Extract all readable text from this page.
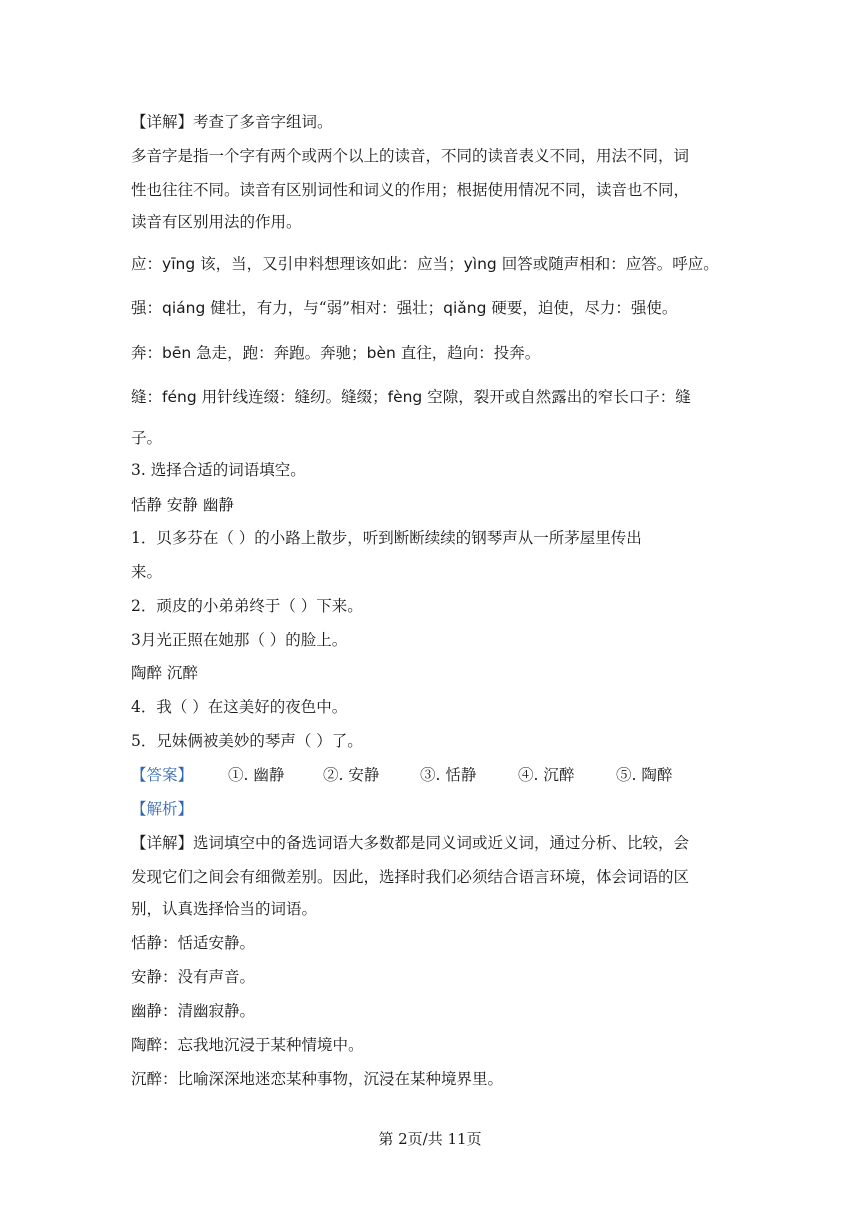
【详解】考查了多音字组词。
多音字是指一个字有两个或两个以上的读音，不同的读音表义不同，用法不同，词
性也往往不同。读音有区别词性和词义的作用；根据使用情况不同，读音也不同，
读音有区别用法的作用。
应：yīng 该，当，又引申料想理该如此：应当；yìng 回答或随声相和：应答。呼应。
强：qiáng 健壮，有力，与“弱”相对：强壮；qiǎng 硬要，迫使，尽力：强使。
奔：bēn 急走，跑：奔跑。奔驰；bèn 直往，趋向：投奔。
缝：féng 用针线连缀：缝纫。缝缀；fèng 空隙，裂开或自然露出的窄长口子：缝
子。
3. 选择合适的词语填空。
恬静 安静 幽静
1．贝多芬在（ ）的小路上散步，听到断断续续的钢琴声从一所茅屋里传出
来。
2．顽皮的小弟弟终于（ ）下来。
3月光正照在她那（ ）的脸上。
陶醉 沉醉
4．我（ ）在这美好的夜色中。
5．兄妹俩被美妙的琴声（ ）了。
【答案】 ①. 幽静 ②. 安静	③. 恬静	④. 沉醉	⑤. 陶醉
【解析】
【详解】选词填空中的备选词语大多数都是同义词或近义词，通过分析、比较，会
发现它们之间会有细微差别。因此，选择时我们必须结合语言环境，体会词语的区
别，认真选择恰当的词语。
恬静：恬适安静。
安静：没有声音。
幽静：清幽寂静。
陶醉：忘我地沉浸于某种情境中。
沉醉：比喻深深地迷恋某种事物，沉浸在某种境界里。
第 2页/共 11页
